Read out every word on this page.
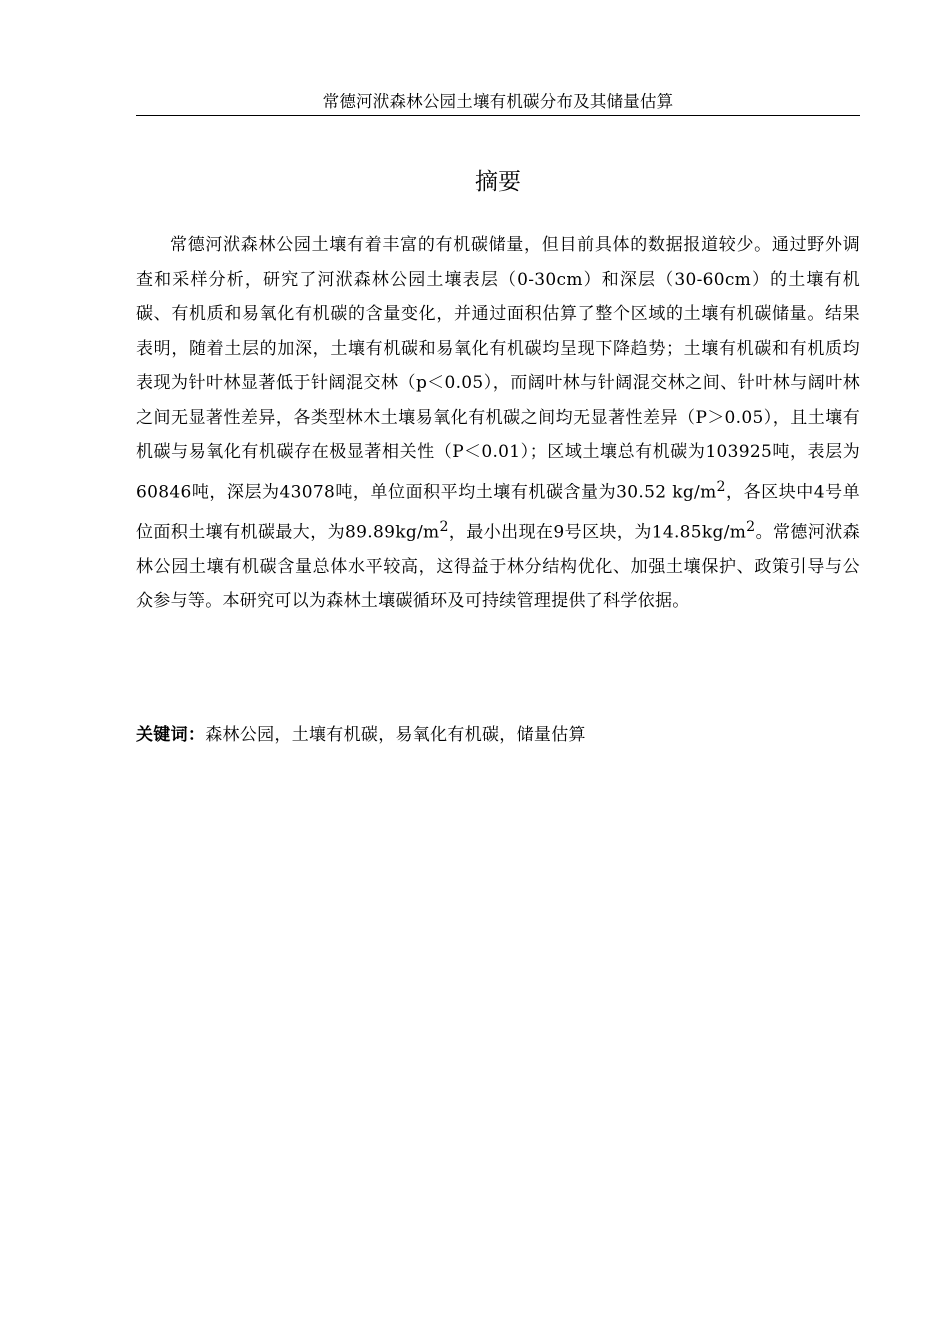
常德河洑森林公园土壤有机碳分布及其储量估算
摘要

常德河洑森林公园土壤有着丰富的有机碳储量，但目前具体的数据报道较少。通过野外调查和采样分析，研究了河洑森林公园土壤表层（0-30cm）和深层（30-60cm）的土壤有机碳、有机质和易氧化有机碳的含量变化，并通过面积估算了整个区域的土壤有机碳储量。结果表明，随着土层的加深，土壤有机碳和易氧化有机碳均呈现下降趋势；土壤有机碳和有机质均表现为针叶林显著低于针阔混交林（p＜0.05），而阔叶林与针阔混交林之间、针叶林与阔叶林之间无显著性差异，各类型林木土壤易氧化有机碳之间均无显著性差异（P＞0.05），且土壤有机碳与易氧化有机碳存在极显著相关性（P＜0.01）；区域土壤总有机碳为103925吨，表层为60846吨，深层为43078吨，单位面积平均土壤有机碳含量为30.52 $kg/m^2$，各区块中4号单位面积土壤有机碳最大，为$89.89kg/m^2$，最小出现在9号区块，为$14.85kg/m^2$。常德河洑森林公园土壤有机碳含量总体水平较高，这得益于林分结构优化、加强土壤保护、政策引导与公众参与等。本研究可以为森林土壤碳循环及可持续管理提供了科学依据。

关键词：森林公园，土壤有机碳，易氧化有机碳，储量估算
